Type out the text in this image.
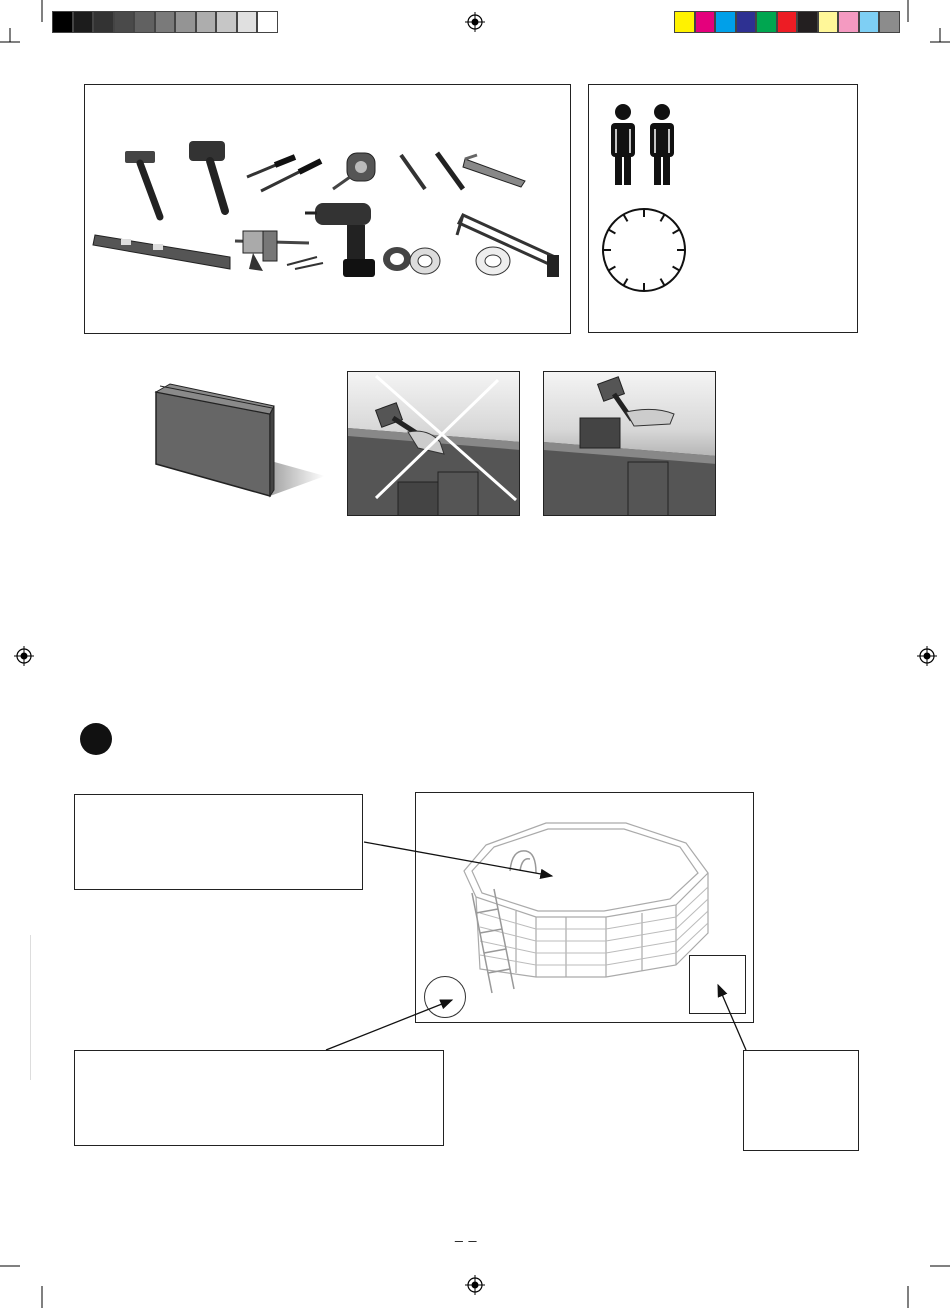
_ _
